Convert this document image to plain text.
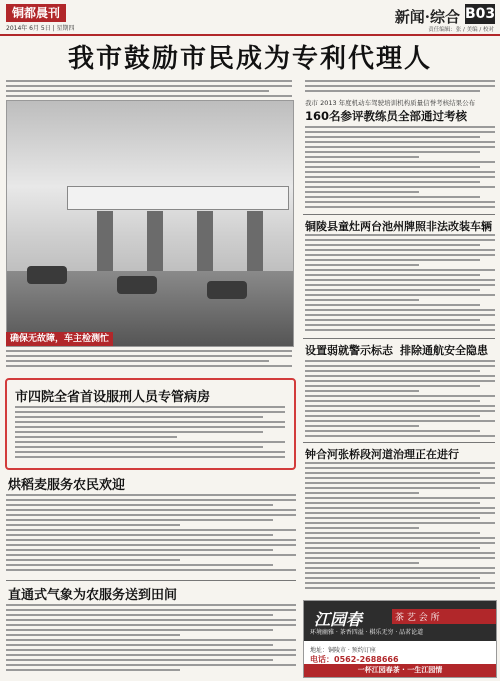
铜都晨刊
2014年 6月 5日 | 星期四
新闻·综合 B03
责任编辑：张 / 美编 / 校对
我市鼓励市民成为专利代理人
确保无故障，车主检测忙
我市 2013 年度机动车驾驶培训机构质量信誉考核结果公布
160名参评教练员全部通过考核
铜陵县童灶两台池州牌照非法改装车辆
设置弱就警示标志 排除通航安全隐患
钟合河张桥段河道治理正在进行
市四院全省首设服刑人员专管病房
烘稻麦服务农民欢迎
直通式气象为农服务送到田间
江园春	茶 艺 会 所
环境幽雅 · 茶香四溢 · 棋乐无穷 · 品茗论道
地址：铜陵市 · 预约订座
电话：0562-2688666
一杯江园春茶 · 一生江园情
